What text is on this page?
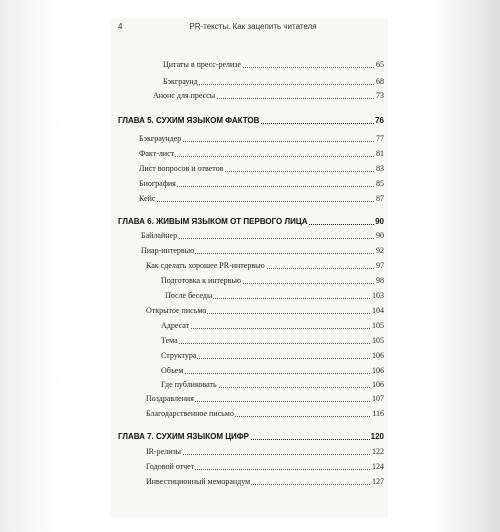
4	PR-тексты. Как зацепить читателя
Цитаты в пресс-релизе	65
Бэкграунд	68
Анонс для прессы	73
ГЛАВА 5. СУХИМ ЯЗЫКОМ ФАКТОВ	76
Бэкграундер	77
Факт-лист	81
Лист вопросов и ответов	83
Биография	85
Кейс	87
ГЛАВА 6. ЖИВЫМ ЯЗЫКОМ ОТ ПЕРВОГО ЛИЦА	90
Байлайнер	90
Пиар-интервью	92
Как сделать хорошее PR-интервью	97
Подготовка к интервью	98
После беседы	103
Открытое письмо	104
Адресат	105
Тема	105
Структура	106
Объем	106
Где публиковать	106
Поздравления	107
Благодарственное письмо	116
ГЛАВА 7. СУХИМ ЯЗЫКОМ ЦИФР	120
IR-релизы	122
Годовой отчет	124
Инвестиционный меморандум	127
